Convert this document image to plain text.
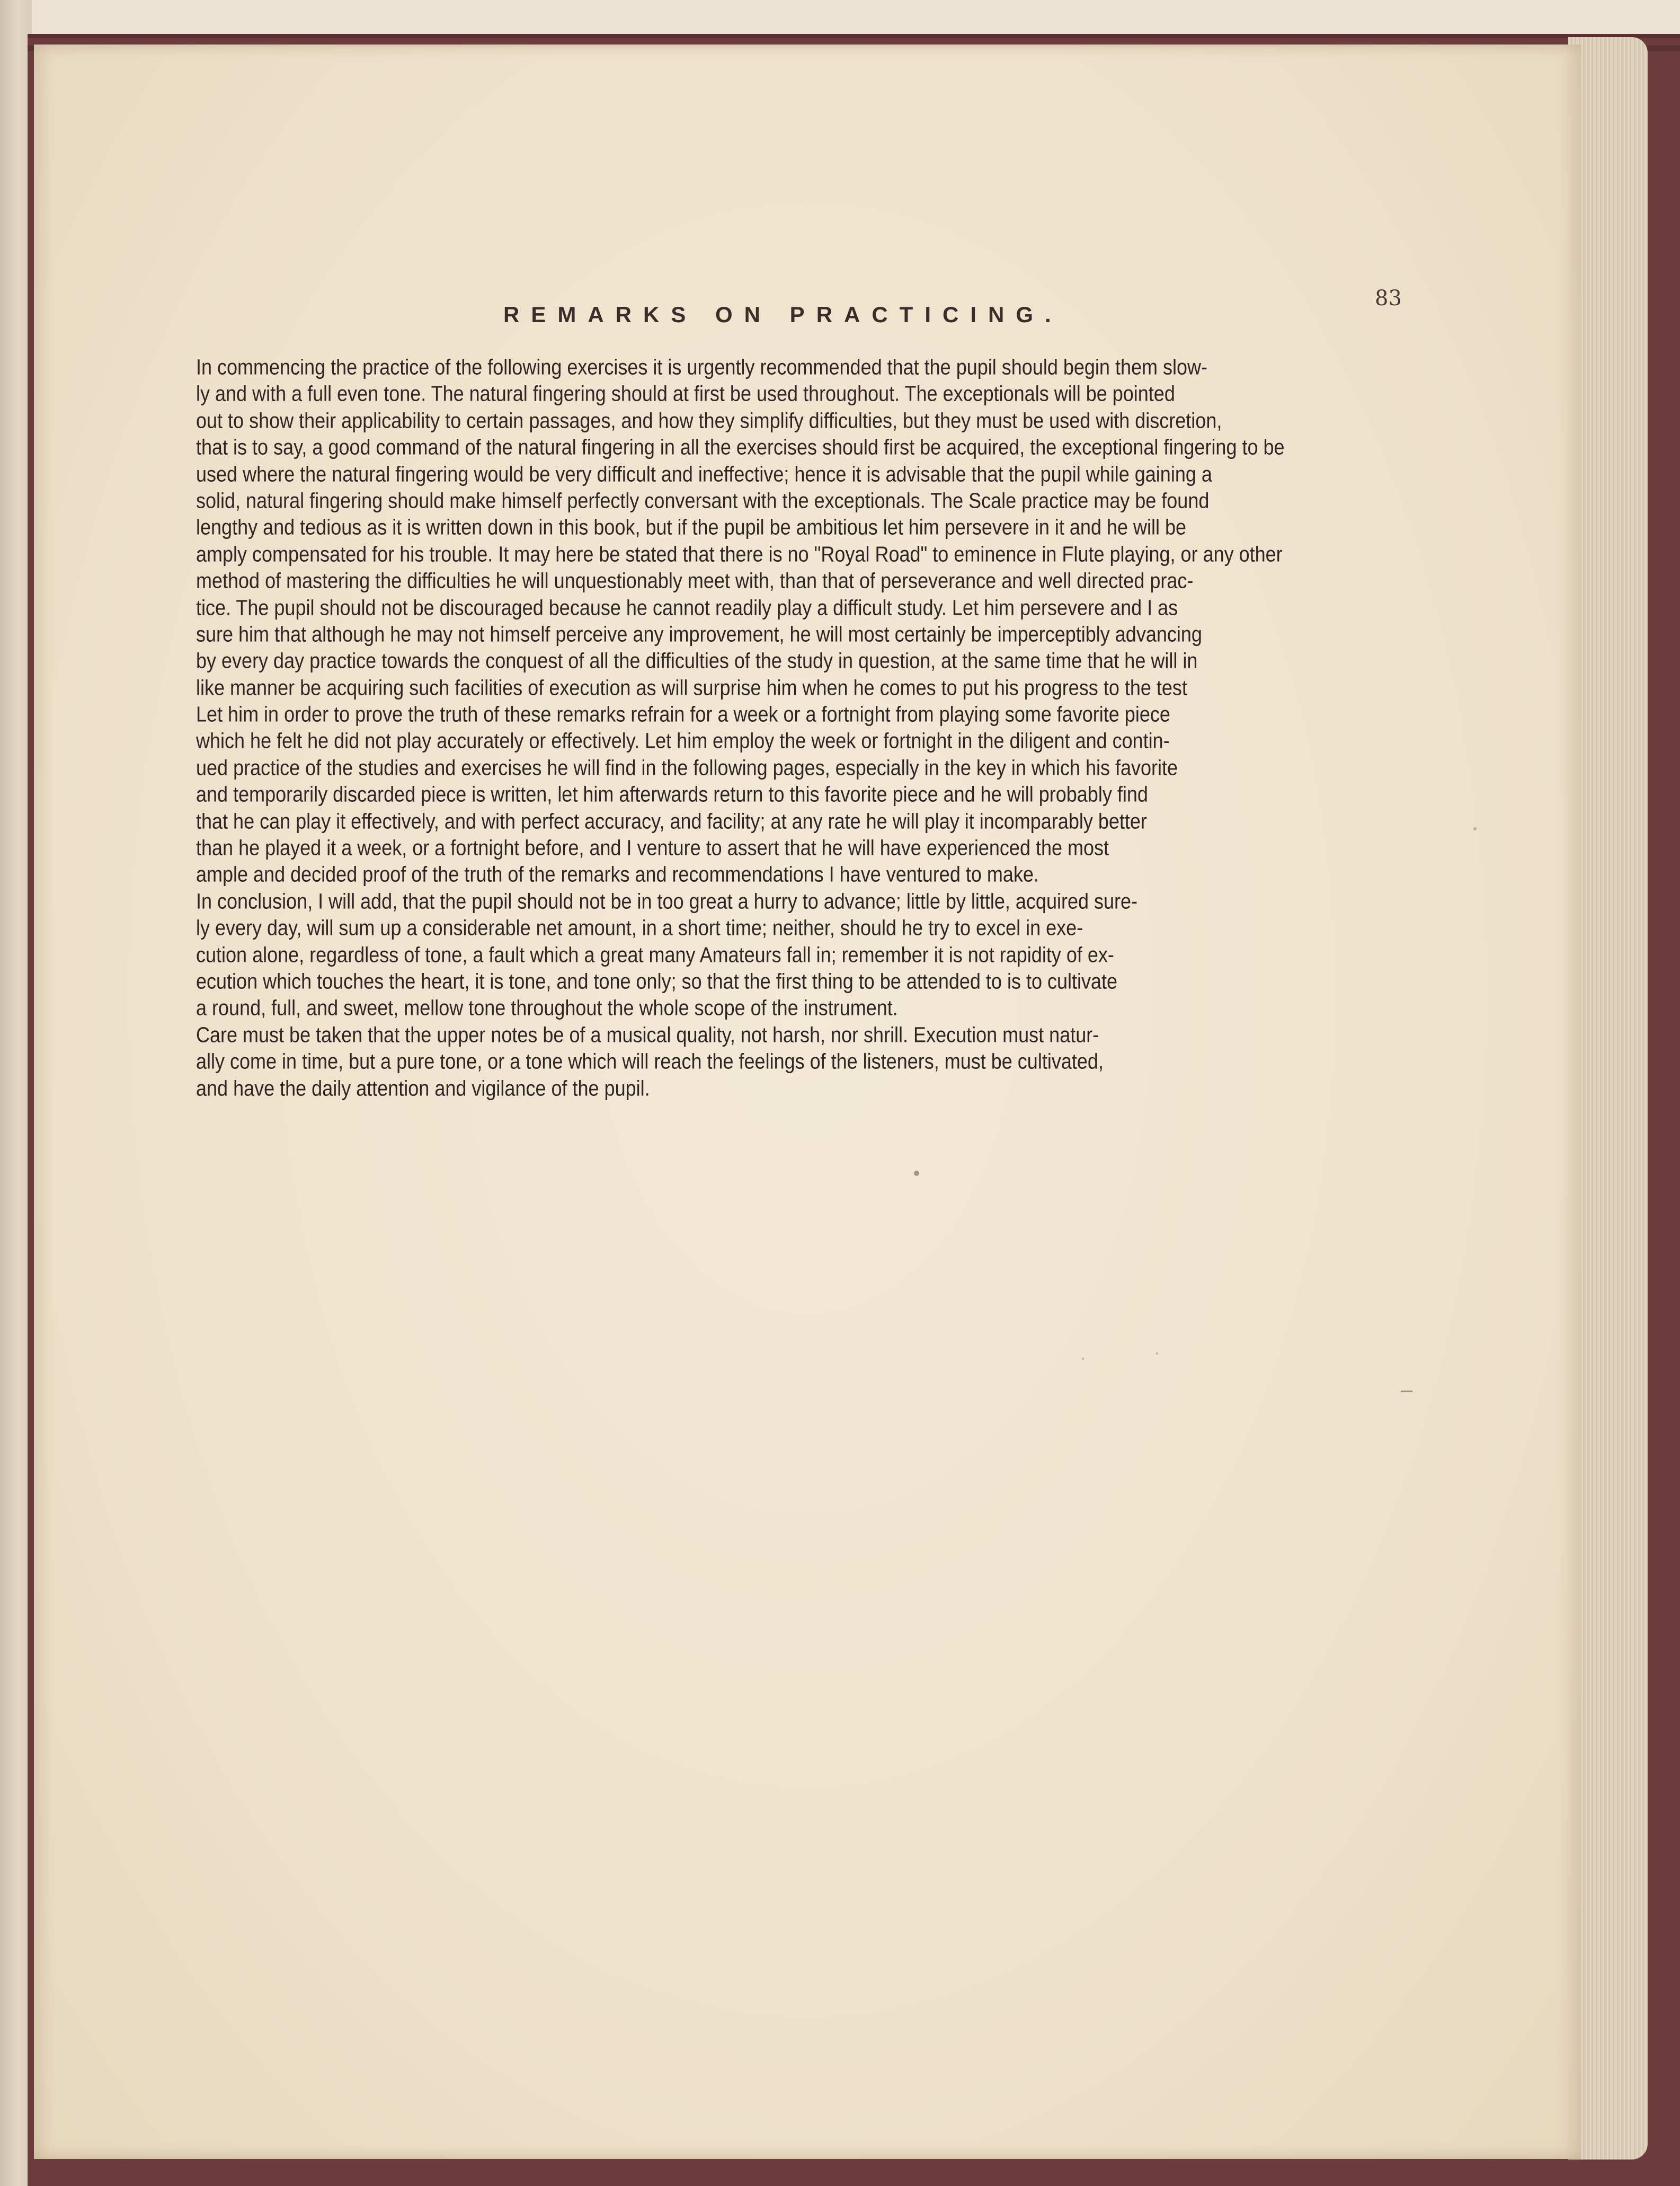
83

REMARKS ON PRACTICING.
In commencing the practice of the following exercises it is urgently recommended that the pupil should begin them slow-
ly and with a full even tone. The natural fingering should at first be used throughout. The exceptionals will be pointed
out to show their applicability to certain passages, and how they simplify difficulties, but they must be used with discretion,
that is to say, a good command of the natural fingering in all the exercises should first be acquired, the exceptional fingering to be
used where the natural fingering would be very difficult and ineffective; hence it is advisable that the pupil while gaining a
solid, natural fingering should make himself perfectly conversant with the exceptionals. The Scale practice may be found
lengthy and tedious as it is written down in this book, but if the pupil be ambitious let him persevere in it and he will be
amply compensated for his trouble. It may here be stated that there is no "Royal Road" to eminence in Flute playing, or any other
method of mastering the difficulties he will unquestionably meet with, than that of perseverance and well directed prac-
tice. The pupil should not be discouraged because he cannot readily play a difficult study. Let him persevere and I as
sure him that although he may not himself perceive any improvement, he will most certainly be imperceptibly advancing
by every day practice towards the conquest of all the difficulties of the study in question, at the same time that he will in
like manner be acquiring such facilities of execution as will surprise him when he comes to put his progress to the test
Let him in order to prove the truth of these remarks refrain for a week or a fortnight from playing some favorite piece
which he felt he did not play accurately or effectively. Let him employ the week or fortnight in the diligent and contin-
ued practice of the studies and exercises he will find in the following pages, especially in the key in which his favorite
and temporarily discarded piece is written, let him afterwards return to this favorite piece and he will probably find
that he can play it effectively, and with perfect accuracy, and facility; at any rate he will play it incomparably better
than he played it a week, or a fortnight before, and I venture to assert that he will have experienced the most
ample and decided proof of the truth of the remarks and recommendations I have ventured to make.
In conclusion, I will add, that the pupil should not be in too great a hurry to advance; little by little, acquired sure-
ly every day, will sum up a considerable net amount, in a short time; neither, should he try to excel in exe-
cution alone, regardless of tone, a fault which a great many Amateurs fall in; remember it is not rapidity of ex-
ecution which touches the heart, it is tone, and tone only; so that the first thing to be attended to is to cultivate
a round, full, and sweet, mellow tone throughout the whole scope of the instrument.
Care must be taken that the upper notes be of a musical quality, not harsh, nor shrill. Execution must natur-
ally come in time, but a pure tone, or a tone which will reach the feelings of the listeners, must be cultivated,
and have the daily attention and vigilance of the pupil.
